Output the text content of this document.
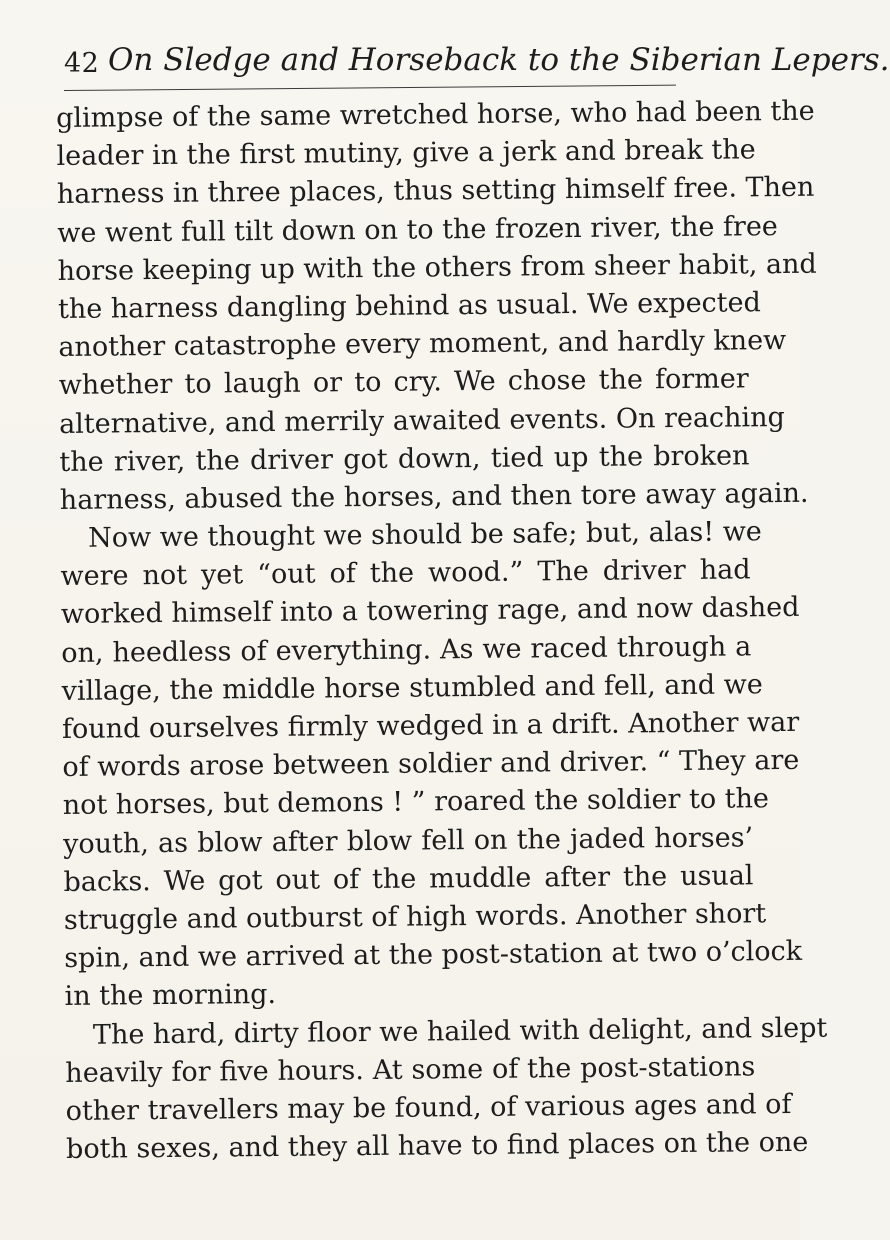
42 On Sledge and Horseback to the Siberian Lepers.
glimpse of the same wretched horse, who had been the
leader in the first mutiny, give a jerk and break the
harness in three places, thus setting himself free. Then
we went full tilt down on to the frozen river, the free
horse keeping up with the others from sheer habit, and
the harness dangling behind as usual. We expected
another catastrophe every moment, and hardly knew
whether to laugh or to cry. We chose the former
alternative, and merrily awaited events. On reaching
the river, the driver got down, tied up the broken
harness, abused the horses, and then tore away again.
Now we thought we should be safe; but, alas! we
were not yet “out of the wood.” The driver had
worked himself into a towering rage, and now dashed
on, heedless of everything. As we raced through a
village, the middle horse stumbled and fell, and we
found ourselves firmly wedged in a drift. Another war
of words arose between soldier and driver. “ They are
not horses, but demons ! ” roared the soldier to the
youth, as blow after blow fell on the jaded horses’
backs. We got out of the muddle after the usual
struggle and outburst of high words. Another short
spin, and we arrived at the post-station at two o’clock
in the morning.
The hard, dirty floor we hailed with delight, and slept
heavily for five hours. At some of the post-stations
other travellers may be found, of various ages and of
both sexes, and they all have to find places on the one
